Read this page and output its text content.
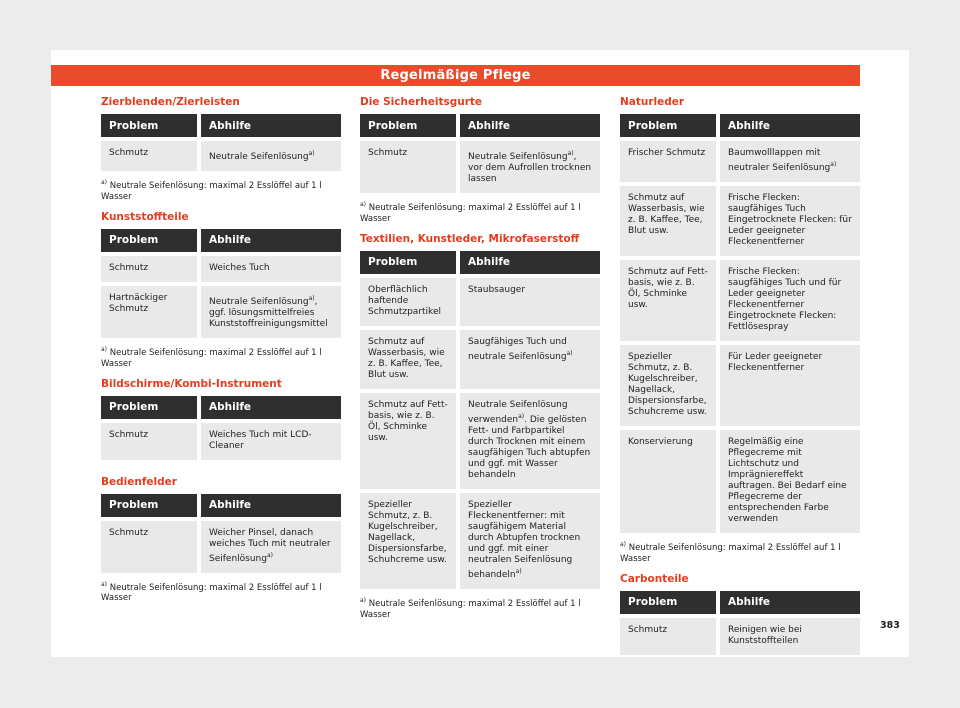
Regelmäßige Pflege
Zierblenden/Zierleisten
Problem	Abhilfe
Schmutz	Neutrale Seifenlösung$^{a)}$

$^{a)}$ Neutrale Seifenlösung: maximal 2 Esslöffel auf 1 l Wasser

Kunststoffteile
Problem	Abhilfe
Schmutz	Weiches Tuch
Hartnäckiger Schmutz	Neutrale Seifenlösung$^{a)}$, ggf. lösungsmittelfreies Kunststoffreinigungsmittel

$^{a)}$ Neutrale Seifenlösung: maximal 2 Esslöffel auf 1 l Wasser

Bildschirme/Kombi-Instrument
Problem	Abhilfe
Schmutz	Weiches Tuch mit LCD-Cleaner
Bedienfelder
Problem	Abhilfe
Schmutz	Weicher Pinsel, danach weiches Tuch mit neutraler Seifenlösung$^{a)}$

$^{a)}$ Neutrale Seifenlösung: maximal 2 Esslöffel auf 1 l Wasser

Die Sicherheitsgurte
Problem	Abhilfe
Schmutz	Neutrale Seifenlösung$^{a)}$, vor dem Aufrollen trocknen lassen

$^{a)}$ Neutrale Seifenlösung: maximal 2 Esslöffel auf 1 l Wasser

Textilien, Kunstleder, Mikrofaserstoff
Problem	Abhilfe
Oberflächlich haftende Schmutzpartikel	Staubsauger
Schmutz auf Wasserbasis, wie z. B. Kaffee, Tee, Blut usw.	Saugfähiges Tuch und neutrale Seifenlösung$^{a)}$
Schmutz auf Fettbasis, wie z. B. Öl, Schminke usw.	Neutrale Seifenlösung verwenden$^{a)}$. Die gelösten Fett- und Farbpartikel durch Trocknen mit einem saugfähigen Tuch abtupfen und ggf. mit Wasser behandeln
Spezieller Schmutz, z. B. Kugelschreiber, Nagellack, Dispersionsfarbe, Schuhcreme usw.	Spezieller Fleckenentferner: mit saugfähigem Material durch Abtupfen trocknen und ggf. mit einer neutralen Seifenlösung behandeln$^{a)}$

$^{a)}$ Neutrale Seifenlösung: maximal 2 Esslöffel auf 1 l Wasser

Naturleder
Problem	Abhilfe
Frischer Schmutz	Baumwolllappen mit neutraler Seifenlösung$^{a)}$
Schmutz auf Wasserbasis, wie z. B. Kaffee, Tee, Blut usw.	Frische Flecken: saugfähiges Tuch
Eingetrocknete Flecken: für Leder geeigneter Fleckenentferner

Schmutz auf Fettbasis, wie z. B. Öl, Schminke usw.	Frische Flecken: saugfähiges Tuch und für Leder geeigneter Fleckenentferner
Eingetrocknete Flecken: Fettlösespray

Spezieller Schmutz, z. B. Kugelschreiber, Nagellack, Dispersionsfarbe, Schuhcreme usw.	Für Leder geeigneter Fleckenentferner
Konservierung	Regelmäßig eine Pflegecreme mit Lichtschutz und Imprägniereffekt auftragen. Bei Bedarf eine Pflegecreme der entsprechenden Farbe verwenden

$^{a)}$ Neutrale Seifenlösung: maximal 2 Esslöffel auf 1 l Wasser

Carbonteile
Problem	Abhilfe
Schmutz	Reinigen wie bei Kunststoffteilen
383
